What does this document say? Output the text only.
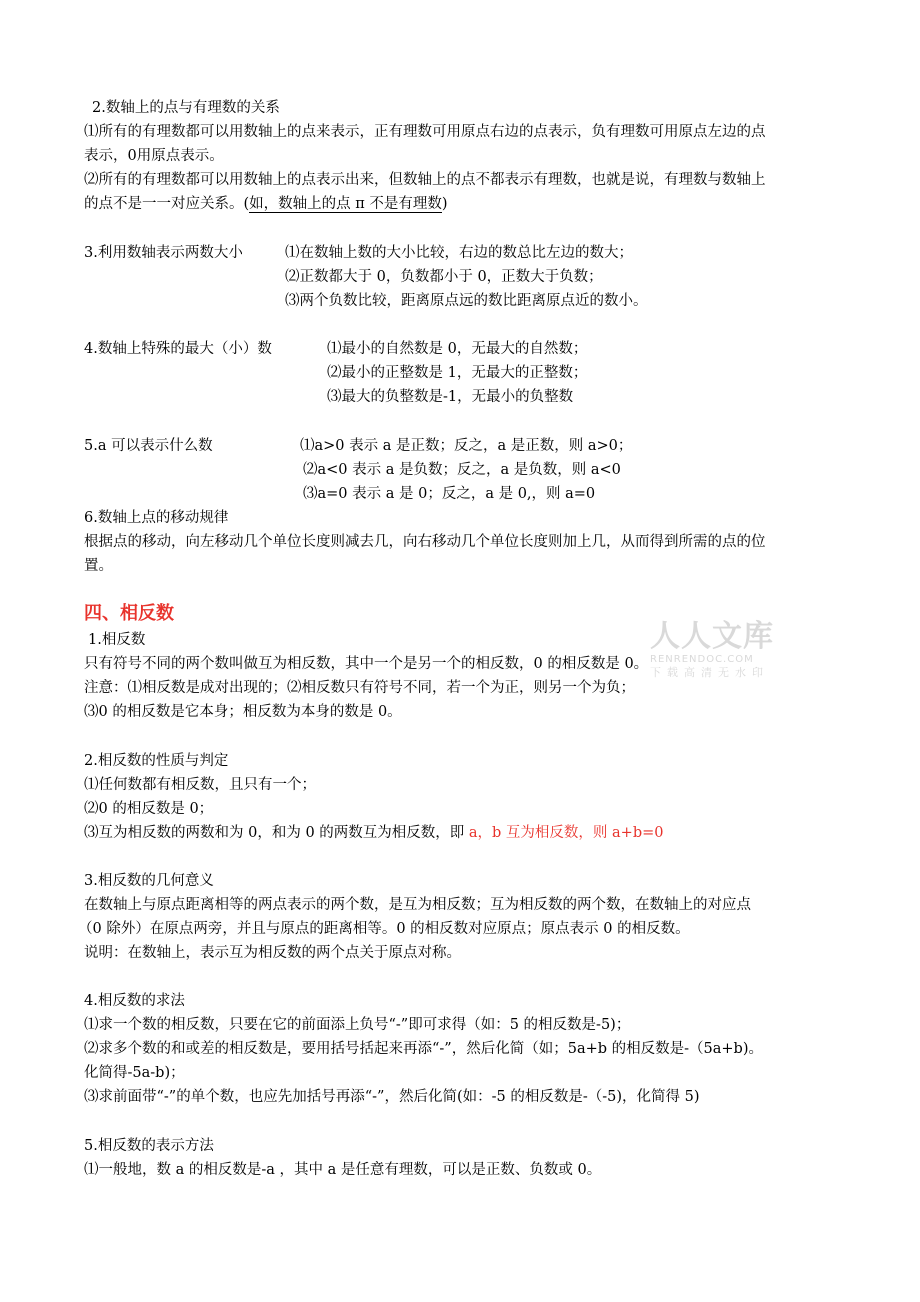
2.数轴上的点与有理数的关系
⑴所有的有理数都可以用数轴上的点来表示，正有理数可用原点右边的点表示，负有理数可用原点左边的点
表示，0用原点表示。
⑵所有的有理数都可以用数轴上的点表示出来，但数轴上的点不都表示有理数，也就是说，有理数与数轴上
的点不是一一对应关系。(如，数轴上的点 π 不是有理数)
3.利用数轴表示两数大小	⑴在数轴上数的大小比较，右边的数总比左边的数大；
⑵正数都大于 0，负数都小于 0，正数大于负数；
⑶两个负数比较，距离原点远的数比距离原点近的数小。
4.数轴上特殊的最大（小）数	⑴最小的自然数是 0，无最大的自然数；
⑵最小的正整数是 1，无最大的正整数；
⑶最大的负整数是-1，无最小的负整数
5.a 可以表示什么数	⑴a>0 表示 a 是正数；反之，a 是正数，则 a>0；
⑵a<0 表示 a 是负数；反之，a 是负数，则 a<0
⑶a=0 表示 a 是 0；反之，a 是 0,，则 a=0
6.数轴上点的移动规律
根据点的移动，向左移动几个单位长度则减去几，向右移动几个单位长度则加上几，从而得到所需的点的位
置。
四、相反数
1.相反数
只有符号不同的两个数叫做互为相反数，其中一个是另一个的相反数，0 的相反数是 0。
注意：⑴相反数是成对出现的；⑵相反数只有符号不同，若一个为正，则另一个为负；
⑶0 的相反数是它本身；相反数为本身的数是 0。
人人文库
RENRENDOC.COM
下载高清无水印
2.相反数的性质与判定
⑴任何数都有相反数，且只有一个；
⑵0 的相反数是 0；
⑶互为相反数的两数和为 0，和为 0 的两数互为相反数，即 a，b 互为相反数，则 a+b=0
3.相反数的几何意义
在数轴上与原点距离相等的两点表示的两个数，是互为相反数；互为相反数的两个数，在数轴上的对应点
（0 除外）在原点两旁，并且与原点的距离相等。0 的相反数对应原点；原点表示 0 的相反数。
说明：在数轴上，表示互为相反数的两个点关于原点对称。
4.相反数的求法
⑴求一个数的相反数，只要在它的前面添上负号“-”即可求得（如：5 的相反数是-5)；
⑵求多个数的和或差的相反数是，要用括号括起来再添“-”，然后化简（如；5a+b 的相反数是-（5a+b)。
化简得-5a-b)；
⑶求前面带“-”的单个数，也应先加括号再添“-”，然后化简(如：-5 的相反数是-（-5)，化简得 5)
5.相反数的表示方法
⑴一般地，数 a 的相反数是-a ，其中 a 是任意有理数，可以是正数、负数或 0。
